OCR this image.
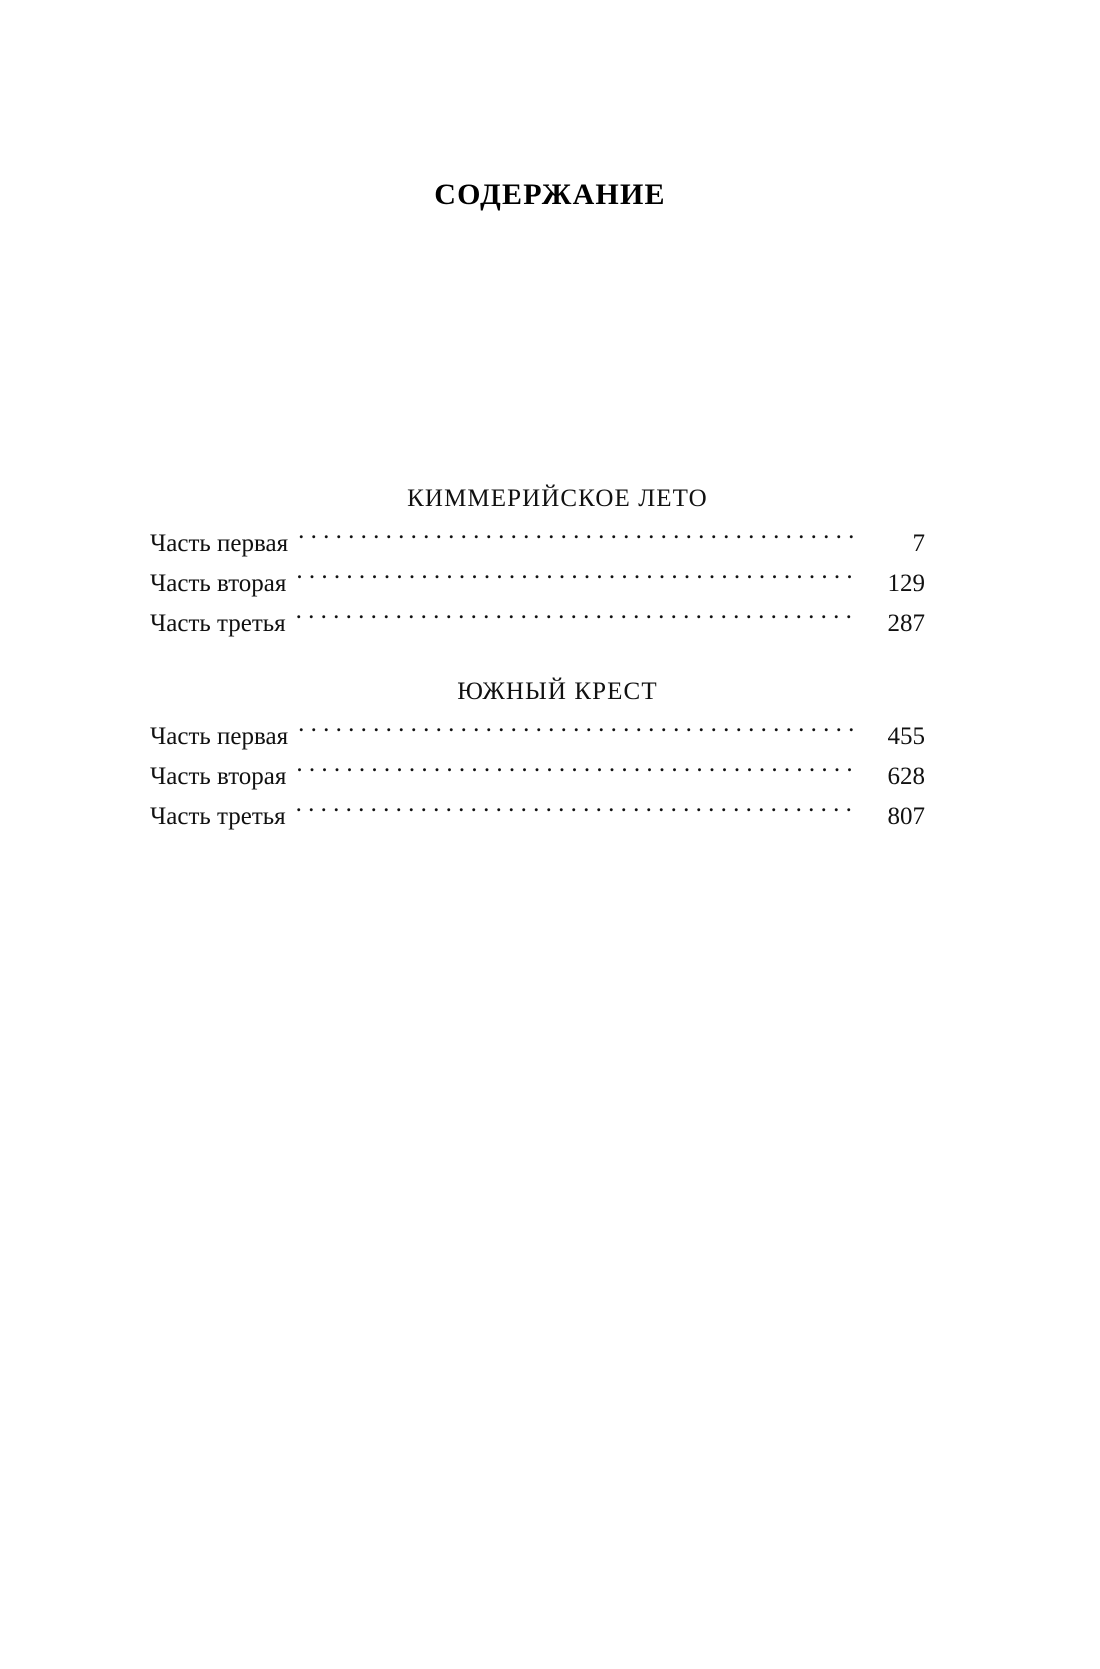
СОДЕРЖАНИЕ
КИММЕРИЙСКОЕ ЛЕТО
Часть первая . . .	7
Часть вторая . . .	129
Часть третья . . .	287
ЮЖНЫЙ КРЕСТ
Часть первая . . .	455
Часть вторая . . .	628
Часть третья . . .	807
